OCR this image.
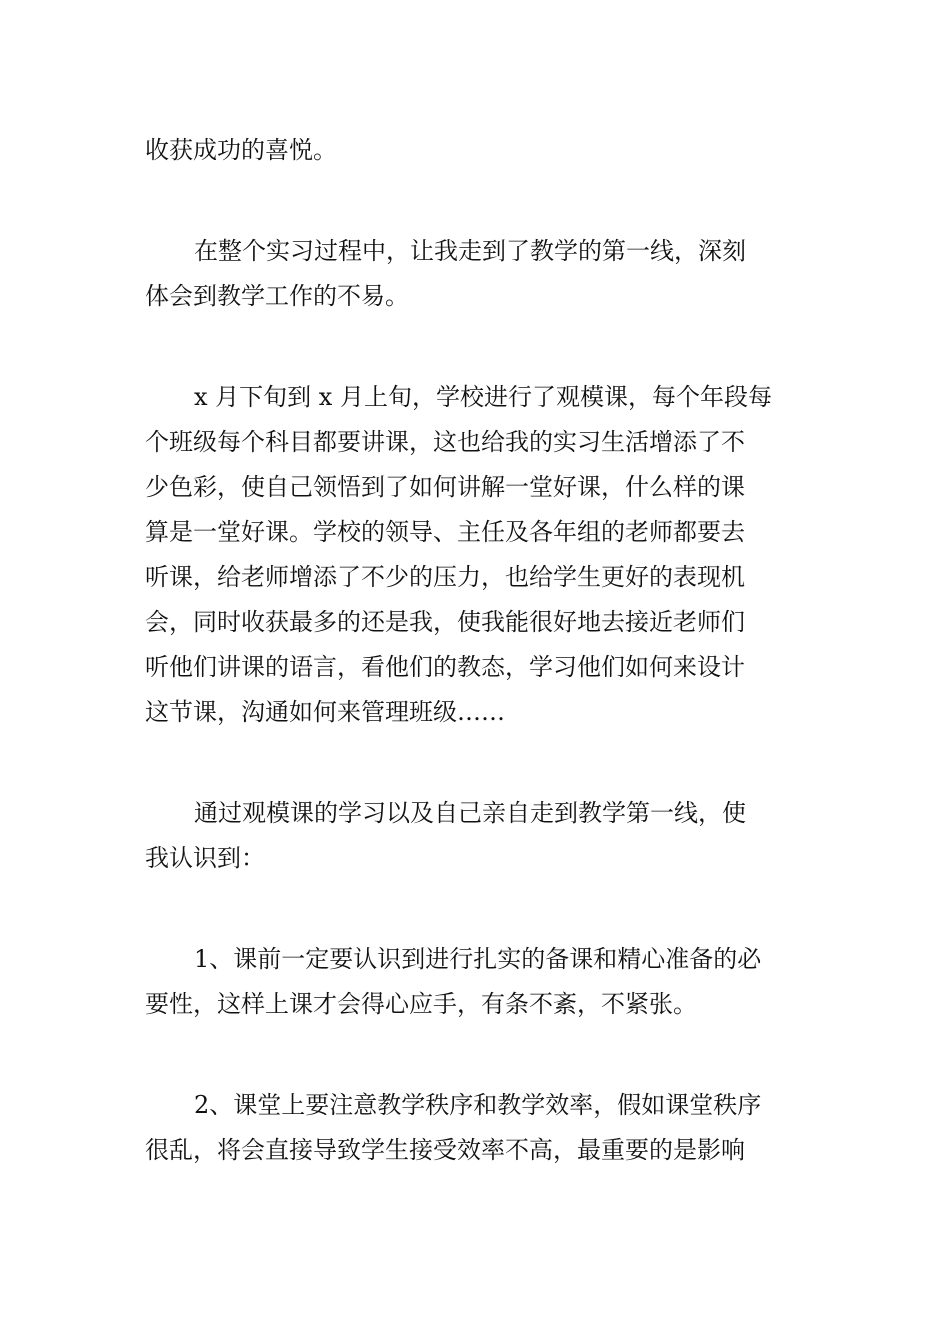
收获成功的喜悦。

在整个实习过程中，让我走到了教学的第一线，深刻
体会到教学工作的不易。

x 月下旬到 x 月上旬，学校进行了观模课，每个年段每
个班级每个科目都要讲课，这也给我的实习生活增添了不
少色彩，使自己领悟到了如何讲解一堂好课，什么样的课
算是一堂好课。学校的领导、主任及各年组的老师都要去
听课，给老师增添了不少的压力，也给学生更好的表现机
会，同时收获最多的还是我，使我能很好地去接近老师们
听他们讲课的语言，看他们的教态，学习他们如何来设计
这节课，沟通如何来管理班级……

通过观模课的学习以及自己亲自走到教学第一线，使
我认识到：

1、课前一定要认识到进行扎实的备课和精心准备的必
要性，这样上课才会得心应手，有条不紊，不紧张。

2、课堂上要注意教学秩序和教学效率，假如课堂秩序
很乱，将会直接导致学生接受效率不高，最重要的是影响
